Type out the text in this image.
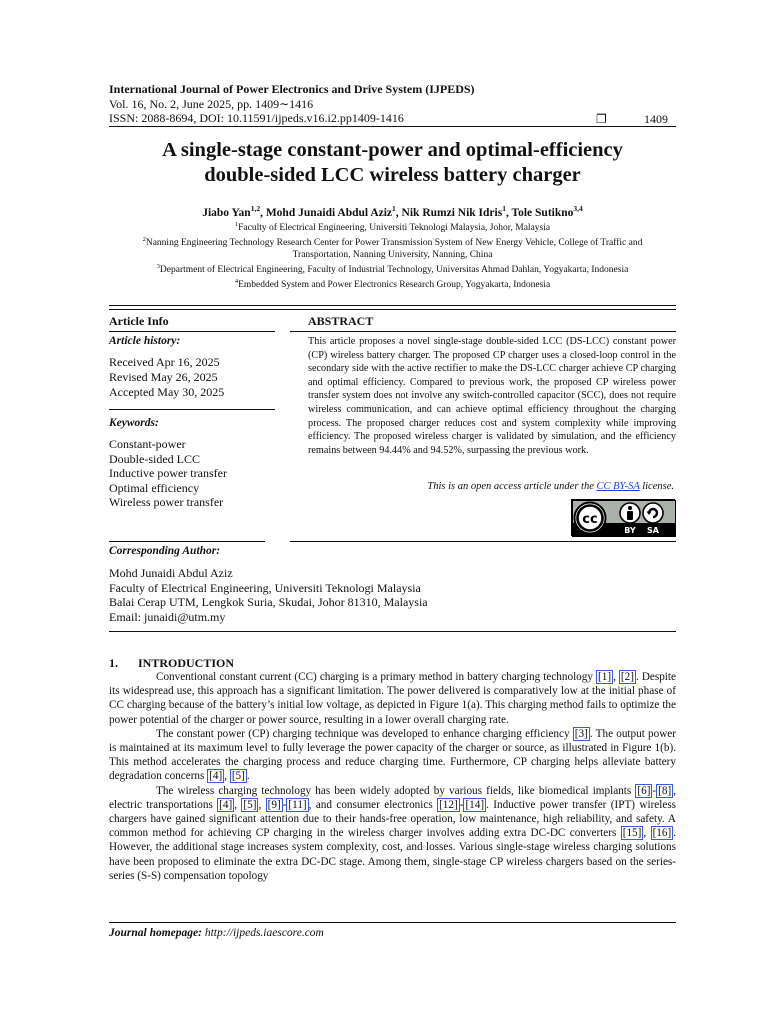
International Journal of Power Electronics and Drive System (IJPEDS)
Vol. 16, No. 2, June 2025, pp. 1409∼1416
ISSN: 2088-8694, DOI: 10.11591/ijpeds.v16.i2.pp1409-1416	❐	1409
A single-stage constant-power and optimal-efficiency
double-sided LCC wireless battery charger
Jiabo Yan$^{1,2}$, Mohd Junaidi Abdul Aziz$^1$, Nik Rumzi Nik Idris$^1$, Tole Sutikno$^{3,4}$
$^1$Faculty of Electrical Engineering, Universiti Teknologi Malaysia, Johor, Malaysia
$^2$Nanning Engineering Technology Research Center for Power Transmission System of New Energy Vehicle, College of Traffic and
Transportation, Nanning University, Nanning, China
$^3$Department of Electrical Engineering, Faculty of Industrial Technology, Universitas Ahmad Dahlan, Yogyakarta, Indonesia
$^4$Embedded System and Power Electronics Research Group, Yogyakarta, Indonesia
Article Info
Article history:
Received Apr 16, 2025
Revised May 26, 2025
Accepted May 30, 2025
Keywords:
Constant-power
Double-sided LCC
Inductive power transfer
Optimal efficiency
Wireless power transfer
ABSTRACT
This article proposes a novel single-stage double-sided LCC (DS-LCC) constant power (CP) wireless battery charger. The proposed CP charger uses a closed-loop control in the secondary side with the active rectifier to make the DS-LCC charger achieve CP charging and optimal efficiency. Compared to previous work, the proposed CP wireless power transfer system does not involve any switch-controlled capacitor (SCC), does not require wireless communication, and can achieve optimal efficiency throughout the charging process. The proposed charger reduces cost and system complexity while improving efficiency. The proposed wireless charger is validated by simulation, and the efficiency remains between 94.44% and 94.52%, surpassing the previous work.
This is an open access article under the CC BY-SA license.
cc
BY SA
Corresponding Author:
Mohd Junaidi Abdul Aziz
Faculty of Electrical Engineering, Universiti Teknologi Malaysia
Balai Cerap UTM, Lengkok Suria, Skudai, Johor 81310, Malaysia
Email: junaidi@utm.my
1. INTRODUCTION

Conventional constant current (CC) charging is a primary method in battery charging technology [1] , [2] . Despite its widespread use, this approach has a significant limitation. The power delivered is comparatively low at the initial phase of CC charging because of the battery’s initial low voltage, as depicted in Figure 1(a). This charging method fails to optimize the power potential of the charger or power source, resulting in a lower overall charging rate.

The constant power (CP) charging technique was developed to enhance charging efficiency [3] . The output power is maintained at its maximum level to fully leverage the power capacity of the charger or source, as illustrated in Figure 1(b). This method accelerates the charging process and reduce charging time. Furthermore, CP charging helps alleviate battery degradation concerns [4] , [5] .

The wireless charging technology has been widely adopted by various fields, like biomedical implants [6] - [8] , electric transportations [4] , [5] , [9] - [11] , and consumer electronics [12] - [14] . Inductive power transfer (IPT) wireless chargers have gained significant attention due to their hands-free operation, low maintenance, high reliability, and safety. A common method for achieving CP charging in the wireless charger involves adding extra DC-DC converters [15] , [16] . However, the additional stage increases system complexity, cost, and losses. Various single-stage wireless charging solutions have been proposed to eliminate the extra DC-DC stage. Among them, single-stage CP wireless chargers based on the series-series (S-S) compensation topology

Journal homepage: http://ijpeds.iaescore.com
